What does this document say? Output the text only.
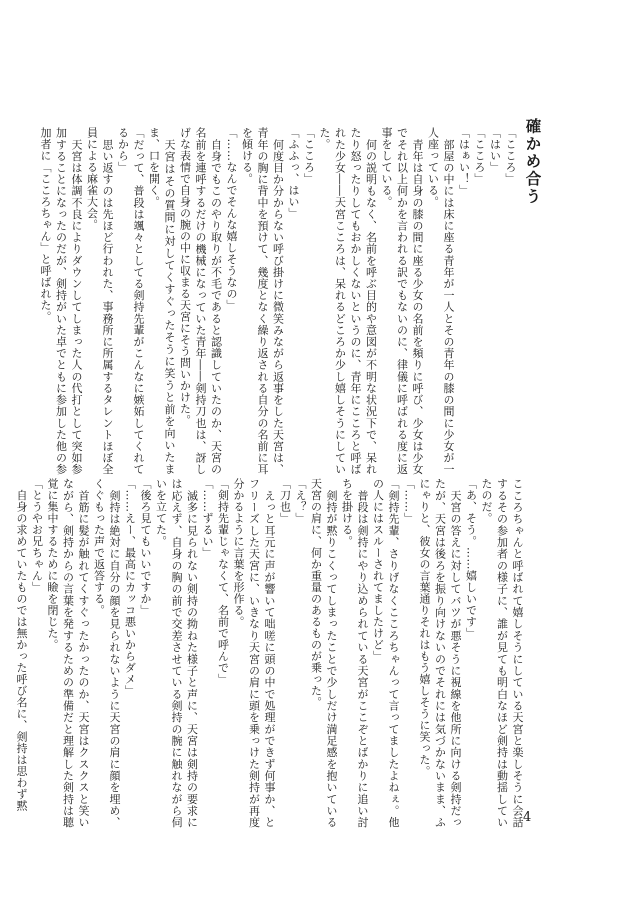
確かめ合う

「こころ」

「はい」

「こころ」

「はぁい！」

　部屋の中には床に座る青年が一人とその青年の膝の間に少女が一人座っている。

　青年は自身の膝の間に座る少女の名前を頻りに呼び、少女は少女でそれ以上何かを言われる訳でもないのに、律儀に呼ばれる度に返事をしている。

　何の説明もなく、名前を呼ぶ目的や意図が不明な状況下で、呆れたり怒ったりしてもおかしくないというのに、青年にこころと呼ばれた少女――天宮こころは、呆れるどころか少し嬉しそうにしていた。

「こころ」

「ふふっ、はい」

　何度目か分からない呼び掛けに微笑みながら返事をした天宮は、青年の胸に背中を預けて、幾度となく繰り返される自分の名前に耳を傾ける。

「……なんでそんな嬉しそうなの」

　自身でもこのやり取りが不毛であると認識していたのか、天宮の名前を連呼するだけの機械になっていた青年――剣持刀也は、訝しげな表情で自身の腕の中に収まる天宮にそう問いかけた。

　天宮はその質問に対してくすぐったそうに笑うと前を向いたまま、口を開く。

「だって、普段は颯々としてる剣持先輩がこんなに嫉妬してくれてるから」

　思い返すのは先ほど行われた、事務所に所属するタレントほぼ全員による麻雀大会。

　天宮は体調不良によりダウンしてしまった人の代打として突如参加することになったのだが、剣持がいた卓でともに参加した他の参加者に「こころちゃん」と呼ばれた。

こころちゃんと呼ばれて嬉しそうにしている天宮と楽しそうに会話するその参加者の様子に、誰が見ても明白なほど剣持は動揺していたのだ。

「あ、そう。……嬉しいです」

　天宮の答えに対してバツが悪そうに視線を他所に向ける剣持だったが、天宮は後ろを振り向けないのでそれには気づかないまま、ふにゃりと、彼女の言葉通りそれはもう嬉しそうに笑った。

「……」

「剣持先輩、さりげなくこころちゃんって言ってましたよねぇ。他の人にはスルーされてましたけど」

　普段は剣持にやり込められている天宮がここぞとばかりに追い討ちを掛ける。

　剣持が黙りこくってしまったことで少しだけ満足感を抱いている天宮の肩に、何か重量のあるものが乗った。

「え？」

「刀也」

　えっと耳元に声が響いて咄嗟に頭の中で処理ができず何事か、とフリーズした天宮に、いきなり天宮の肩に頭を乗っけた剣持が再度分かるように言葉を形作る。

「剣持先輩じゃなくて、名前で呼んで」

「……ずるい」

　滅多に見られない剣持の拗ねた様子と声に、天宮は剣持の要求には応えず、自身の胸の前で交差させている剣持の腕に触れながら伺いを立てた。

「後ろ見てもいいですか」

「……えー、最高にカッコ悪いからダメ」

　剣持は絶対に自分の顔を見られないように天宮の肩に顔を埋め、くぐもった声で返答する。

　首筋に髪が触れてくすぐったかったのか、天宮はクスクスと笑いながら、剣持からの言葉を発するための準備だと理解した剣持は聴覚に集中するために瞼を閉じた。

「とうやお兄ちゃん」

　自身の求めていたものでは無かった呼び名に、剣持は思わず黙

4
